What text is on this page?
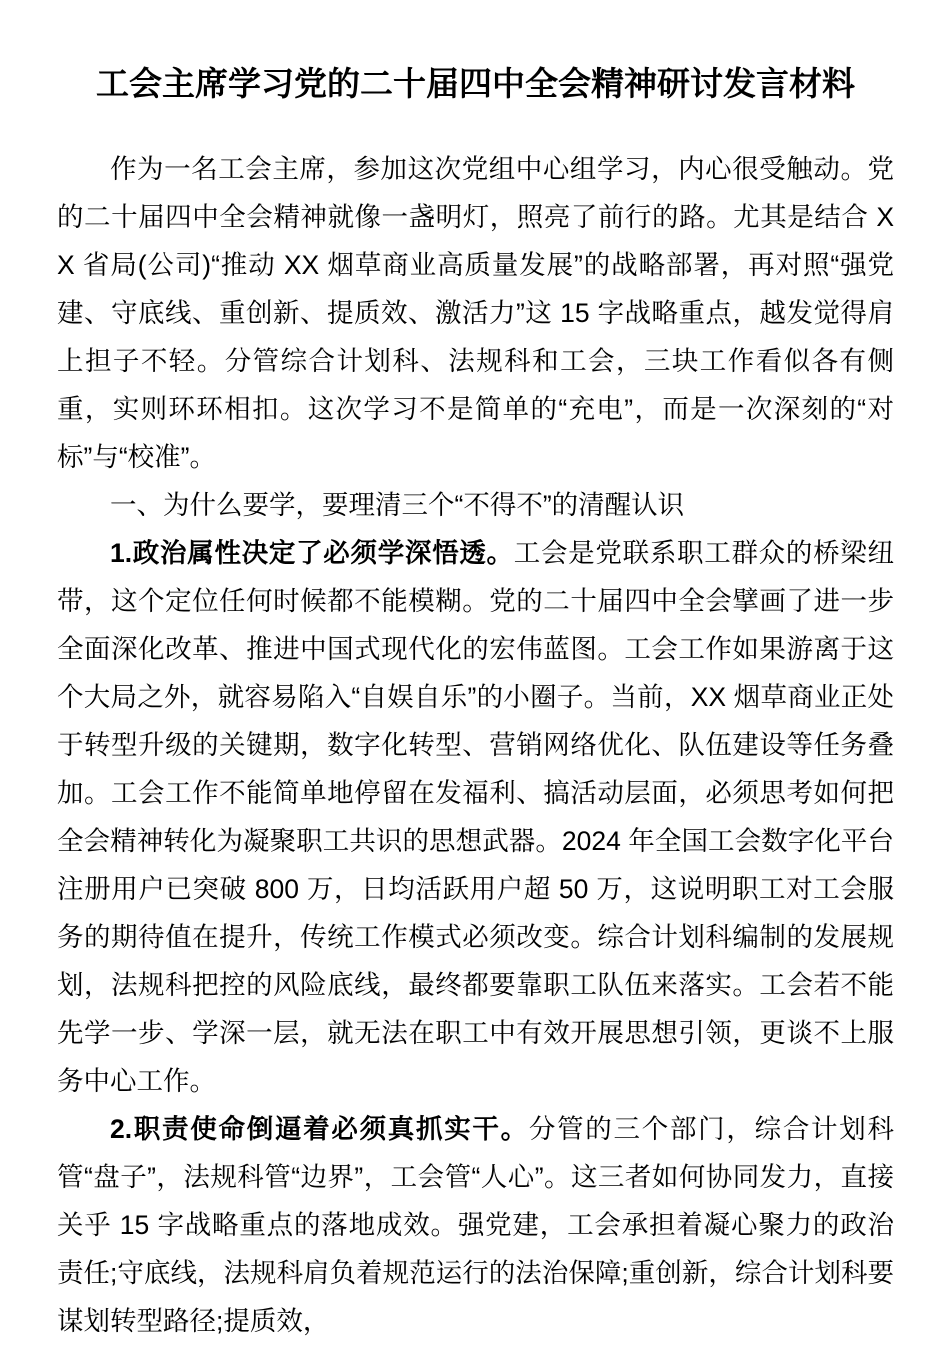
工会主席学习党的二十届四中全会精神研讨发言材料

作为一名工会主席，参加这次党组中心组学习，内心很受触动。党的二十届四中全会精神就像一盏明灯，照亮了前行的路。尤其是结合 XX 省局(公司)“推动 XX 烟草商业高质量发展”的战略部署，再对照“强党建、守底线、重创新、提质效、激活力”这 15 字战略重点，越发觉得肩上担子不轻。分管综合计划科、法规科和工会，三块工作看似各有侧重，实则环环相扣。这次学习不是简单的“充电”，而是一次深刻的“对标”与“校准”。

一、为什么要学，要理清三个“不得不”的清醒认识

1.政治属性决定了必须学深悟透。工会是党联系职工群众的桥梁纽带，这个定位任何时候都不能模糊。党的二十届四中全会擘画了进一步全面深化改革、推进中国式现代化的宏伟蓝图。工会工作如果游离于这个大局之外，就容易陷入“自娱自乐”的小圈子。当前，XX 烟草商业正处于转型升级的关键期，数字化转型、营销网络优化、队伍建设等任务叠加。工会工作不能简单地停留在发福利、搞活动层面，必须思考如何把全会精神转化为凝聚职工共识的思想武器。2024 年全国工会数字化平台注册用户已突破 800 万，日均活跃用户超 50 万，这说明职工对工会服务的期待值在提升，传统工作模式必须改变。综合计划科编制的发展规划，法规科把控的风险底线，最终都要靠职工队伍来落实。工会若不能先学一步、学深一层，就无法在职工中有效开展思想引领，更谈不上服务中心工作。

2.职责使命倒逼着必须真抓实干。分管的三个部门，综合计划科管“盘子”，法规科管“边界”，工会管“人心”。这三者如何协同发力，直接关乎 15 字战略重点的落地成效。强党建，工会承担着凝心聚力的政治责任;守底线，法规科肩负着规范运行的法治保障;重创新，综合计划科要谋划转型路径;提质效，
